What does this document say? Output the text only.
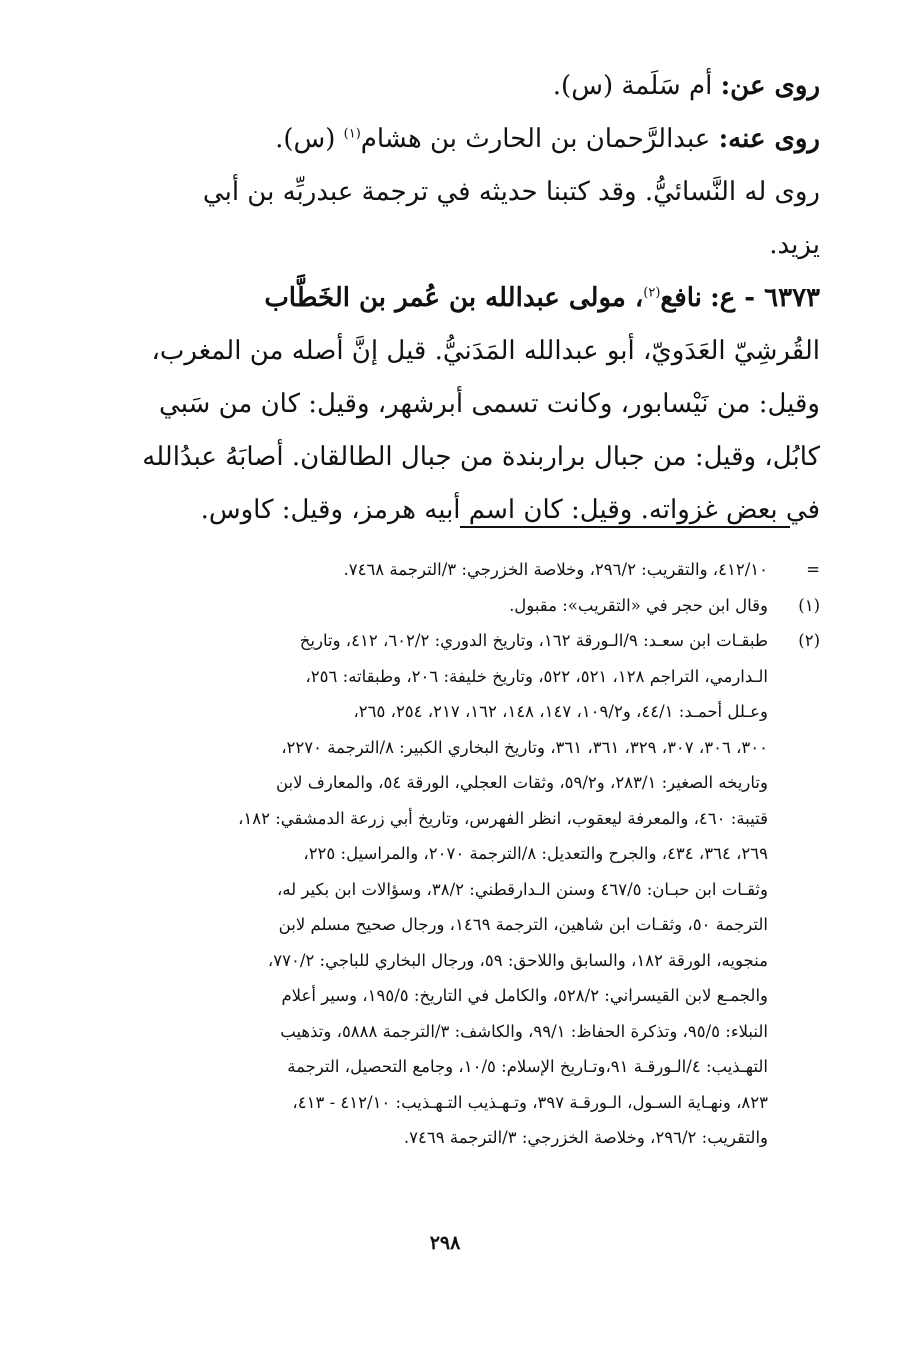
روى عن: أم سَلَمة (س).
روى عنه: عبدالرَّحمان بن الحارث بن هشام$^{(١)}$ (س).
روى له النَّسائيُّ. وقد كتبنا حديثه في ترجمة عبدربِّه بن أبي
يزيد.
٦٣٧٣ - ع: نافع$^{(٢)}$، مولى عبدالله بن عُمر بن الخَطَّاب
القُرشِيّ العَدَويّ، أبو عبدالله المَدَنيُّ. قيل إنَّ أصله من المغرب،
وقيل: من نَيْسابور، وكانت تسمى أبرشهر، وقيل: كان من سَبي
كابُل، وقيل: من جبال براربندة من جبال الطالقان. أصابَهُ عبدُالله
في بعض غزواته. وقيل: كان اسم أبيه هرمز، وقيل: كاوس.
=
٤١٢/١٠، والتقريب: ٢٩٦/٢، وخلاصة الخزرجي: ٣/الترجمة ٧٤٦٨.
(١)
وقال ابن حجر في «التقريب»: مقبول.
(٢)
طبقـات ابن سعـد: ٩/الـورقة ١٦٢، وتاريخ الدوري: ٦٠٢/٢، ٤١٢، وتاريخ
الـدارمي، التراجم ١٢٨، ٥٢١، ٥٢٢، وتاريخ خليفة: ٢٠٦، وطبقاته: ٢٥٦،
وعـلل أحمـد: ٤٤/١، و١٠٩/٢، ١٤٧، ١٤٨، ١٦٢، ٢١٧، ٢٥٤، ٢٦٥،
٣٠٠، ٣٠٦، ٣٠٧، ٣٢٩، ٣٦١، ٣٦١، وتاريخ البخاري الكبير: ٨/الترجمة ٢٢٧٠،
وتاريخه الصغير: ٢٨٣/١، و٥٩/٢، وثقات العجلي، الورقة ٥٤، والمعارف لابن
قتيبة: ٤٦٠، والمعرفة ليعقوب، انظر الفهرس، وتاريخ أبي زرعة الدمشقي: ١٨٢،
٢٦٩، ٣٦٤، ٤٣٤، والجرح والتعديل: ٨/الترجمة ٢٠٧٠، والمراسيل: ٢٢٥،
وثقـات ابن حبـان: ٤٦٧/٥ وسنن الـدارقطني: ٣٨/٢، وسؤالات ابن بكير له،
الترجمة ٥٠، وثقـات ابن شاهين، الترجمة ١٤٦٩، ورجال صحيح مسلم لابن
منجويه، الورقة ١٨٢، والسابق واللاحق: ٥٩، ورجال البخاري للباجي: ٧٧٠/٢،
والجمـع لابن القيسراني: ٥٢٨/٢، والكامل في التاريخ: ١٩٥/٥، وسير أعلام
النبلاء: ٩٥/٥، وتذكرة الحفاظ: ٩٩/١، والكاشف: ٣/الترجمة ٥٨٨٨، وتذهيب
التهـذيب: ٤/الـورقـة ٩١،وتـاريخ الإسلام: ١٠/٥، وجامع التحصيل، الترجمة
٨٢٣، ونهـاية السـول، الـورقـة ٣٩٧، وتـهـذيب التـهـذيب: ٤١٢/١٠ - ٤١٣،
والتقريب: ٢٩٦/٢، وخلاصة الخزرجي: ٣/الترجمة ٧٤٦٩.
٢٩٨
